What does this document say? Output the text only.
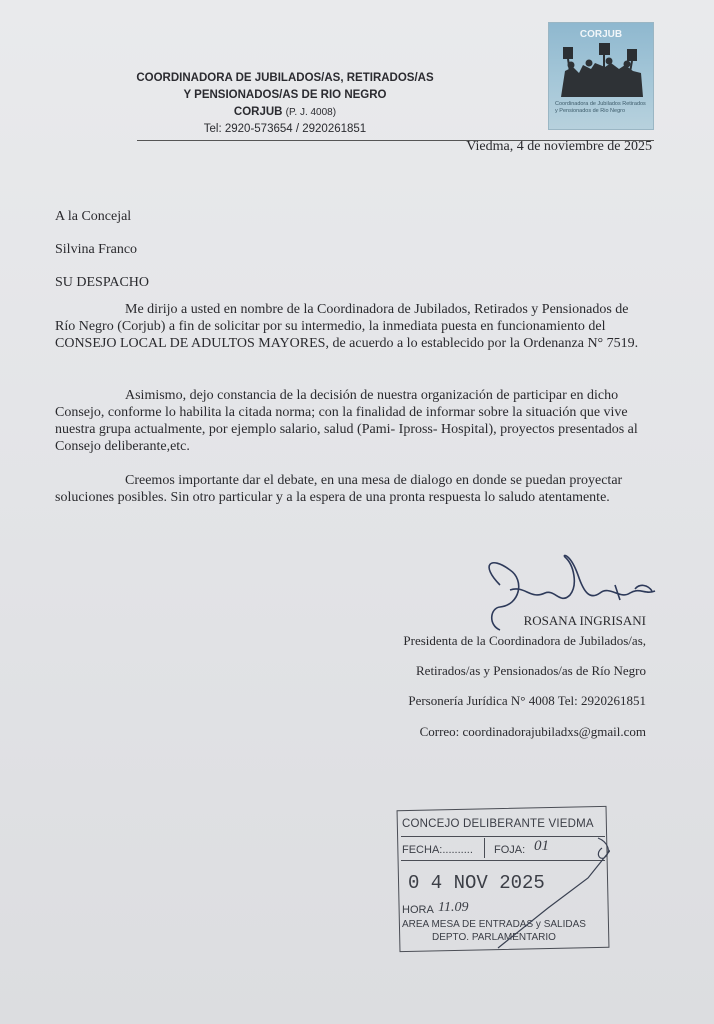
COORDINADORA DE JUBILADOS/AS, RETIRADOS/AS
Y PENSIONADOS/AS DE RIO NEGRO
CORJUB (P. J. 4008)
Tel: 2920-573654 / 2920261851
CORJUB
Coordinadora de Jubilados Retirados y Pensionados de Rio Negro
Viedma, 4 de noviembre de 2025
A la Concejal
Silvina Franco
SU DESPACHO

Me dirijo a usted en nombre de la Coordinadora de Jubilados, Retirados y Pensionados de Río Negro (Corjub) a fin de solicitar por su intermedio, la inmediata puesta en funcionamiento del CONSEJO LOCAL DE ADULTOS MAYORES, de acuerdo a lo establecido por la Ordenanza N° 7519.

Asimismo, dejo constancia de la decisión de nuestra organización de participar en dicho Consejo, conforme lo habilita la citada norma; con la finalidad de informar sobre la situación que vive nuestra grupa actualmente, por ejemplo salario, salud (Pami- Ipross- Hospital), proyectos presentados al Consejo deliberante,etc.

Creemos importante dar el debate, en una mesa de dialogo en donde se puedan proyectar soluciones posibles. Sin otro particular y a la espera de una pronta respuesta lo saludo atentamente.

ROSANA INGRISANI
Presidenta de la Coordinadora de Jubilados/as,
Retirados/as y Pensionados/as de Río Negro
Personería Jurídica N° 4008 Tel: 2920261851
Correo: coordinadorajubiladxs@gmail.com
CONCEJO DELIBERANTE VIEDMA
FECHA:.......... FOJA: 01
0 4 NOV 2025
HORA 11.09
AREA MESA DE ENTRADAS y SALIDAS
DEPTO. PARLAMENTARIO
